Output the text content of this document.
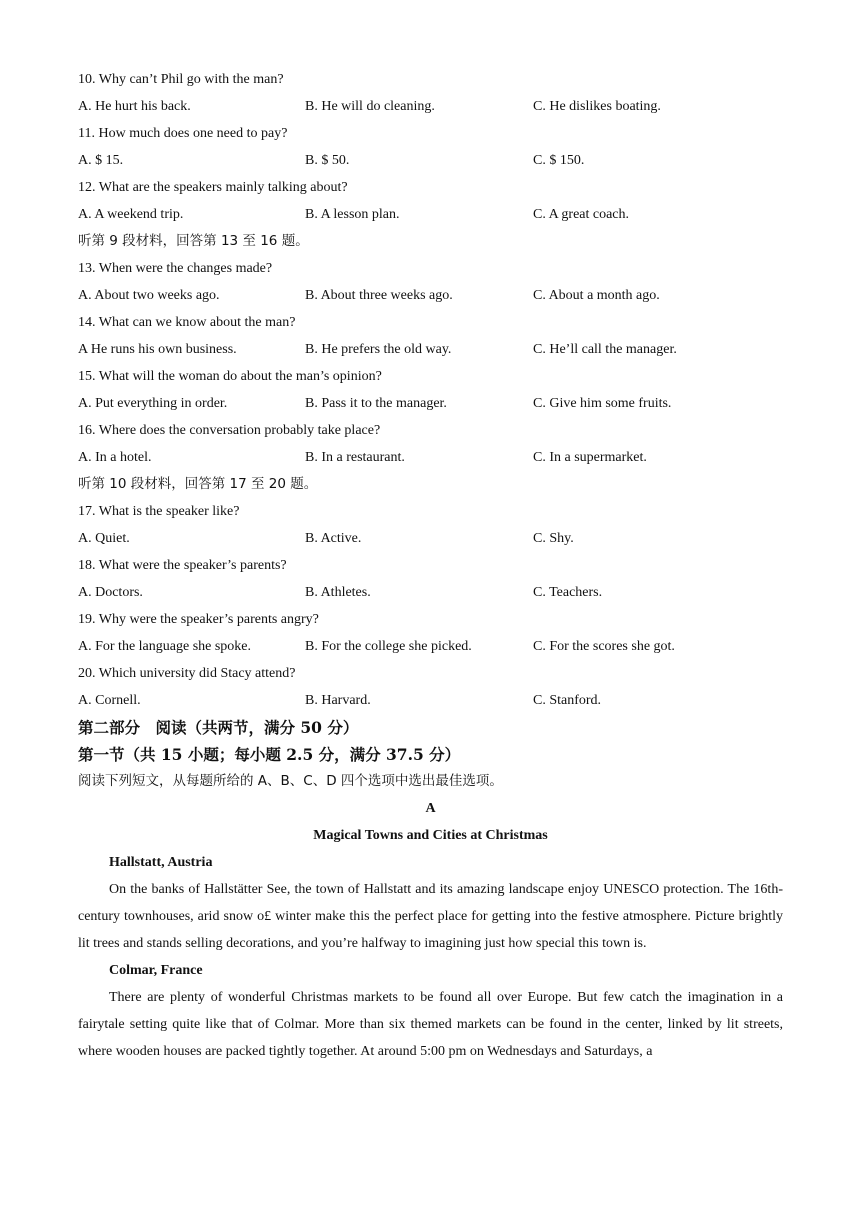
10. Why can’t Phil go with the man?
A. He hurt his back.	B. He will do cleaning.	C. He dislikes boating.
11. How much does one need to pay?
A. $ 15.	B. $ 50.	C. $ 150.
12. What are the speakers mainly talking about?
A. A weekend trip.	B. A lesson plan.	C. A great coach.
听第 9 段材料，回答第 13 至 16 题。
13. When were the changes made?
A. About two weeks ago.	B. About three weeks ago.	C. About a month ago.
14. What can we know about the man?
A He runs his own business.	B. He prefers the old way.	C. He’ll call the manager.
15. What will the woman do about the man’s opinion?
A. Put everything in order.	B. Pass it to the manager.	C. Give him some fruits.
16. Where does the conversation probably take place?
A. In a hotel.	B. In a restaurant.	C. In a supermarket.
听第 10 段材料，回答第 17 至 20 题。
17. What is the speaker like?
A. Quiet.	B. Active.	C. Shy.
18. What were the speaker’s parents?
A. Doctors.	B. Athletes.	C. Teachers.
19. Why were the speaker’s parents angry?
A. For the language she spoke.	B. For the college she picked.	C. For the scores she got.
20. Which university did Stacy attend?
A. Cornell.	B. Harvard.	C. Stanford.
第二部分　阅读（共两节，满分 50 分）
第一节（共 15 小题；每小题 2.5 分，满分 37.5 分）
阅读下列短文，从每题所给的 A、B、C、D 四个选项中选出最佳选项。
A
Magical Towns and Cities at Christmas
Hallstatt, Austria

On the banks of Hallstätter See, the town of Hallstatt and its amazing landscape enjoy UNESCO protection. The 16th-century townhouses, arid snow o£ winter make this the perfect place for getting into the festive atmosphere. Picture brightly lit trees and stands selling decorations, and you’re halfway to imagining just how special this town is.

Colmar, France

There are plenty of wonderful Christmas markets to be found all over Europe. But few catch the imagination in a fairytale setting quite like that of Colmar. More than six themed markets can be found in the center, linked by lit streets, where wooden houses are packed tightly together. At around 5:00 pm on Wednesdays and Saturdays, a
